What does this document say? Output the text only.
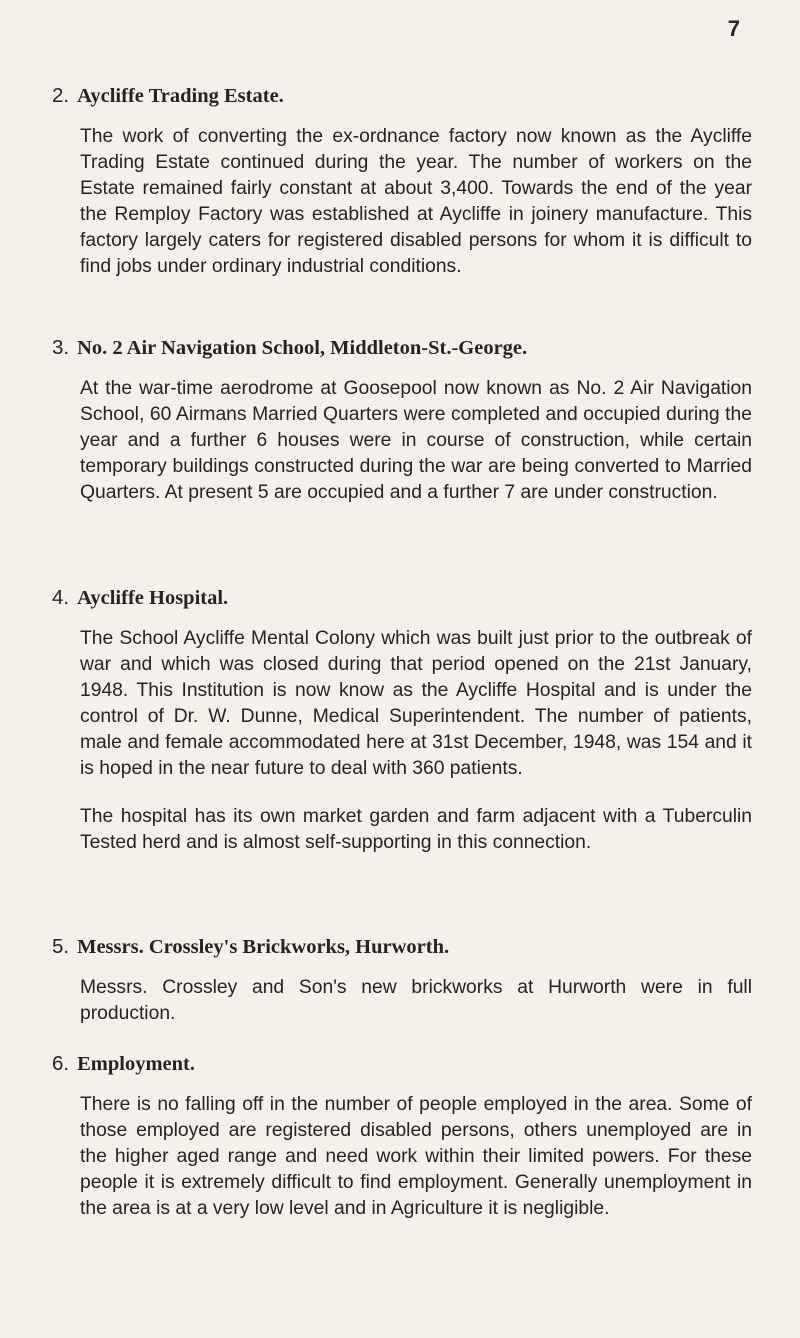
7
2. Aycliffe Trading Estate.

The work of converting the ex-ordnance factory now known as the Aycliffe Trading Estate continued during the year. The number of workers on the Estate remained fairly constant at about 3,400. Towards the end of the year the Remploy Factory was established at Aycliffe in joinery manufacture. This factory largely caters for registered disabled persons for whom it is difficult to find jobs under ordinary industrial conditions.

3. No. 2 Air Navigation School, Middleton-St.-George.

At the war-time aerodrome at Goosepool now known as No. 2 Air Navigation School, 60 Airmans Married Quarters were completed and occupied during the year and a further 6 houses were in course of construction, while certain temporary buildings constructed during the war are being converted to Married Quarters. At present 5 are occupied and a further 7 are under construction.

4. Aycliffe Hospital.

The School Aycliffe Mental Colony which was built just prior to the outbreak of war and which was closed during that period opened on the 21st January, 1948. This Institution is now know as the Aycliffe Hospital and is under the control of Dr. W. Dunne, Medical Superintendent. The number of patients, male and female accommodated here at 31st December, 1948, was 154 and it is hoped in the near future to deal with 360 patients.

The hospital has its own market garden and farm adjacent with a Tuberculin Tested herd and is almost self-supporting in this connection.

5. Messrs. Crossley's Brickworks, Hurworth.

Messrs. Crossley and Son's new brickworks at Hurworth were in full production.

6. Employment.

There is no falling off in the number of people employed in the area. Some of those employed are registered disabled persons, others unemployed are in the higher aged range and need work within their limited powers. For these people it is extremely difficult to find employment. Generally unemployment in the area is at a very low level and in Agriculture it is negligible.
